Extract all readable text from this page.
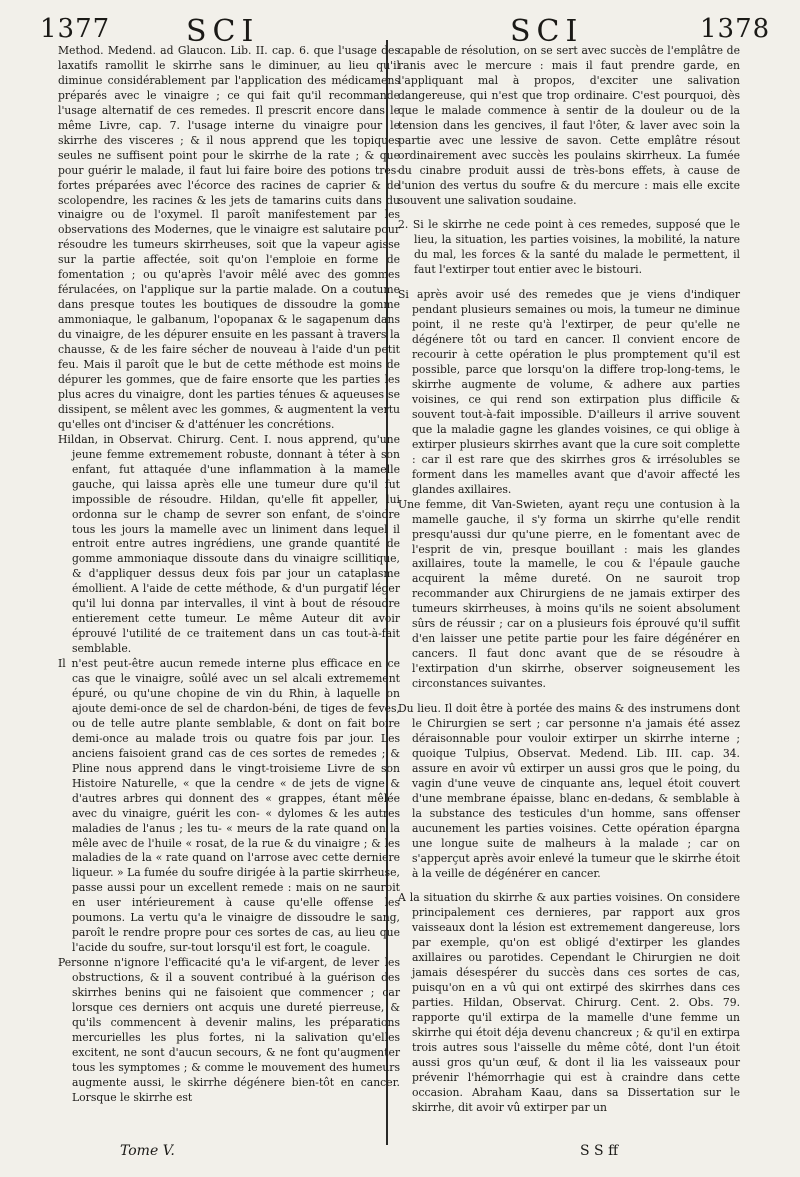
1377	SCI	SCI	1378

Method. Medend. ad Glaucon. Lib. II. cap. 6. que l'usage des laxatifs ramollit le skirrhe sans le diminuer, au lieu qu'il diminue considérablement par l'application des médicamens préparés avec le vinaigre ; ce qui fait qu'il recommande l'usage alternatif de ces remedes. Il prescrit encore dans le même Livre, cap. 7. l'usage interne du vinaigre pour le skirrhe des visceres ; & il nous apprend que les topiques seules ne suffisent point pour le skirrhe de la rate ; & que pour guérir le malade, il faut lui faire boire des potions très-fortes préparées avec l'écorce des racines de caprier & de scolopendre, les racines & les jets de tamarins cuits dans du vinaigre ou de l'oxymel. Il paroît manifestement par les observations des Modernes, que le vinaigre est salutaire pour résoudre les tumeurs skirrheuses, soit que la vapeur agisse sur la partie affectée, soit qu'on l'emploie en forme de fomentation ; ou qu'après l'avoir mêlé avec des gommes férulacées, on l'applique sur la partie malade. On a coutume dans presque toutes les boutiques de dissoudre la gomme ammoniaque, le galbanum, l'opopanax & le sagapenum dans du vinaigre, de les dépurer ensuite en les passant à travers la chausse, & de les faire sécher de nouveau à l'aide d'un petit feu. Mais il paroît que le but de cette méthode est moins de dépurer les gommes, que de faire ensorte que les parties les plus acres du vinaigre, dont les parties ténues & aqueuses se dissipent, se mêlent avec les gommes, & augmentent la vertu qu'elles ont d'inciser & d'atténuer les concrétions.

Hildan, in Observat. Chirurg. Cent. I. nous apprend, qu'une jeune femme extremement robuste, donnant à téter à son enfant, fut attaquée d'une inflammation à la mamelle gauche, qui laissa après elle une tumeur dure qu'il fut impossible de résoudre. Hildan, qu'elle fit appeller, lui ordonna sur le champ de sevrer son enfant, de s'oindre tous les jours la mamelle avec un liniment dans lequel il entroit entre autres ingrédiens, une grande quantité de gomme ammoniaque dissoute dans du vinaigre scillitique, & d'appliquer dessus deux fois par jour un cataplasme émollient. A l'aide de cette méthode, & d'un purgatif léger qu'il lui donna par intervalles, il vint à bout de résoudre entierement cette tumeur. Le même Auteur dit avoir éprouvé l'utilité de ce traitement dans un cas tout-à-fait semblable.

Il n'est peut-être aucun remede interne plus efficace en ce cas que le vinaigre, soûlé avec un sel alcali extremement épuré, ou qu'une chopine de vin du Rhin, à laquelle on ajoute demi-once de sel de chardon-béni, de tiges de feves, ou de telle autre plante semblable, & dont on fait boire demi-once au malade trois ou quatre fois par jour. Les anciens faisoient grand cas de ces sortes de remedes ; & Pline nous apprend dans le vingt-troisieme Livre de son Histoire Naturelle, « que la cendre « de jets de vigne & d'autres arbres qui donnent des « grappes, étant mêlée avec du vinaigre, guérit les con- « dylomes & les autres maladies de l'anus ; les tu- « meurs de la rate quand on la mêle avec de l'huile « rosat, de la rue & du vinaigre ; & les maladies de la « rate quand on l'arrose avec cette derniere liqueur. » La fumée du soufre dirigée à la partie skirrheuse, passe aussi pour un excellent remede : mais on ne sauroit en user intérieurement à cause qu'elle offense les poumons. La vertu qu'a le vinaigre de dissoudre le sang, paroît le rendre propre pour ces sortes de cas, au lieu que l'acide du soufre, sur-tout lorsqu'il est fort, le coagule.

Personne n'ignore l'efficacité qu'a le vif-argent, de lever les obstructions, & il a souvent contribué à la guérison des skirrhes benins qui ne faisoient que commencer ; car lorsque ces derniers ont acquis une dureté pierreuse, & qu'ils commencent à devenir malins, les préparations mercurielles les plus fortes, ni la salivation qu'elles excitent, ne sont d'aucun secours, & ne font qu'augmenter tous les symptomes ; & comme le mouvement des humeurs augmente aussi, le skirrhe dégénere bien-tôt en cancer. Lorsque le skirrhe est

capable de résolution, on se sert avec succès de l'emplâtre de ranis avec le mercure : mais il faut prendre garde, en l'appliquant mal à propos, d'exciter une salivation dangereuse, qui n'est que trop ordinaire. C'est pourquoi, dès que le malade commence à sentir de la douleur ou de la tension dans les gencives, il faut l'ôter, & laver avec soin la partie avec une lessive de savon. Cette emplâtre résout ordinairement avec succès les poulains skirrheux. La fumée du cinabre produit aussi de très-bons effets, à cause de l'union des vertus du soufre & du mercure : mais elle excite souvent une salivation soudaine.

2. Si le skirrhe ne cede point à ces remedes, supposé que le lieu, la situation, les parties voisines, la mobilité, la nature du mal, les forces & la santé du malade le permettent, il faut l'extirper tout entier avec le bistouri.

Si après avoir usé des remedes que je viens d'indiquer pendant plusieurs semaines ou mois, la tumeur ne diminue point, il ne reste qu'à l'extirper, de peur qu'elle ne dégénere tôt ou tard en cancer. Il convient encore de recourir à cette opération le plus promptement qu'il est possible, parce que lorsqu'on la differe trop-long-tems, le skirrhe augmente de volume, & adhere aux parties voisines, ce qui rend son extirpation plus difficile & souvent tout-à-fait impossible. D'ailleurs il arrive souvent que la maladie gagne les glandes voisines, ce qui oblige à extirper plusieurs skirrhes avant que la cure soit complette : car il est rare que des skirrhes gros & irrésolubles se forment dans les mamelles avant que d'avoir affecté les glandes axillaires.

Une femme, dit Van-Swieten, ayant reçu une contusion à la mamelle gauche, il s'y forma un skirrhe qu'elle rendit presqu'aussi dur qu'une pierre, en le fomentant avec de l'esprit de vin, presque bouillant : mais les glandes axillaires, toute la mamelle, le cou & l'épaule gauche acquirent la même dureté. On ne sauroit trop recommander aux Chirurgiens de ne jamais extirper des tumeurs skirrheuses, à moins qu'ils ne soient absolument sûrs de réussir ; car on a plusieurs fois éprouvé qu'il suffit d'en laisser une petite partie pour les faire dégénérer en cancers. Il faut donc avant que de se résoudre à l'extirpation d'un skirrhe, observer soigneusement les circonstances suivantes.

Du lieu. Il doit être à portée des mains & des instrumens dont le Chirurgien se sert ; car personne n'a jamais été assez déraisonnable pour vouloir extirper un skirrhe interne ; quoique Tulpius, Observat. Medend. Lib. III. cap. 34. assure en avoir vû extirper un aussi gros que le poing, du vagin d'une veuve de cinquante ans, lequel étoit couvert d'une membrane épaisse, blanc en-dedans, & semblable à la substance des testicules d'un homme, sans offenser aucunement les parties voisines. Cette opération épargna une longue suite de malheurs à la malade ; car on s'apperçut après avoir enlevé la tumeur que le skirrhe étoit à la veille de dégénérer en cancer.

A la situation du skirrhe & aux parties voisines. On considere principalement ces dernieres, par rapport aux gros vaisseaux dont la lésion est extremement dangereuse, lors par exemple, qu'on est obligé d'extirper les glandes axillaires ou parotides. Cependant le Chirurgien ne doit jamais désespérer du succès dans ces sortes de cas, puisqu'on en a vû qui ont extirpé des skirrhes dans ces parties. Hildan, Observat. Chirurg. Cent. 2. Obs. 79. rapporte qu'il extirpa de la mamelle d'une femme un skirrhe qui étoit déja devenu chancreux ; & qu'il en extirpa trois autres sous l'aisselle du même côté, dont l'un étoit aussi gros qu'un œuf, & dont il lia les vaisseaux pour prévenir l'hémorrhagie qui est à craindre dans cette occasion. Abraham Kaau, dans sa Dissertation sur le skirrhe, dit avoir vû extirper par un

Tome V.	S S ff
